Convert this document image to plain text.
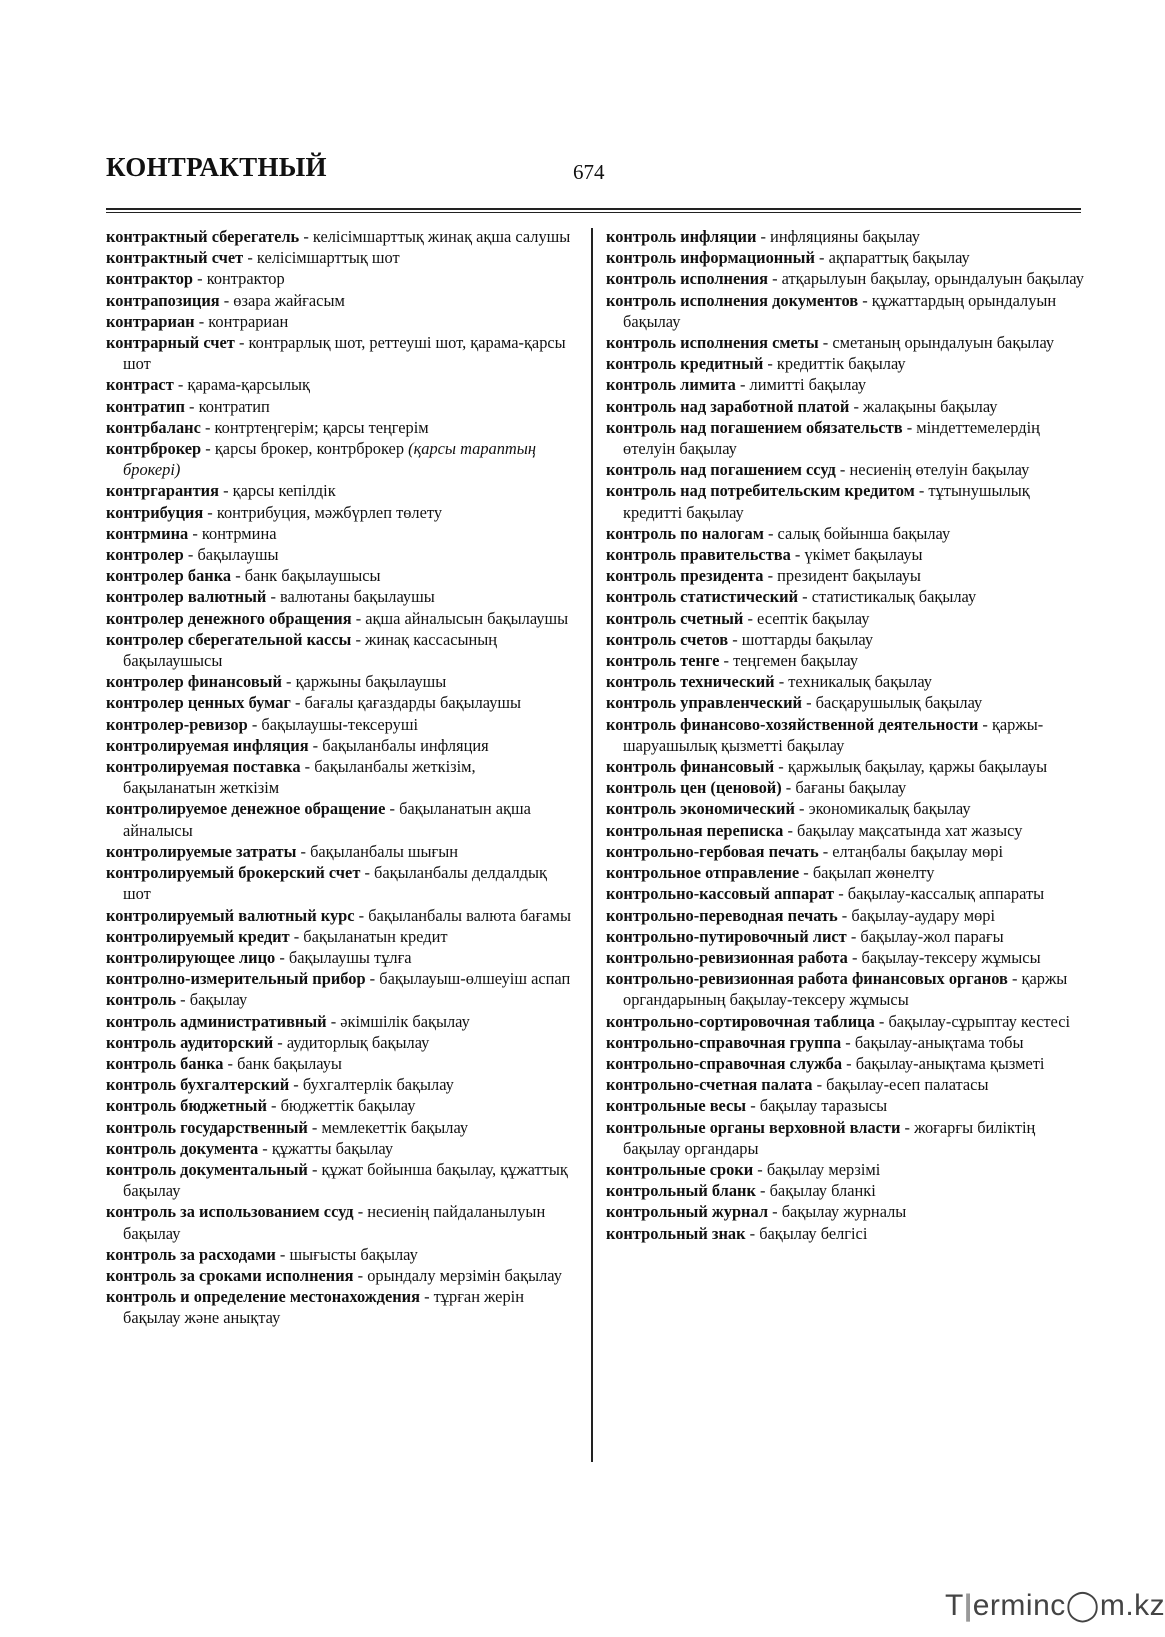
КОНТРАКТНЫЙ	674
контрактный сберегатель - келісімшарттық жинақ ақша салушы
контрактный счет - келісімшарттық шот
контрактор - контрактор
контрапозиция - өзара жайғасым
контрариан - контрариан
контрарный счет - контрарлық шот, реттеуші шот, қарама-қарсы шот
контраст - қарама-қарсылық
контратип - контратип
контрбаланс - контртеңгерім; қарсы теңгерім
контрброкер - қарсы брокер, контрброкер (қарсы тараптың брокері)
контргарантия - қарсы кепілдік
контрибуция - контрибуция, мәжбүрлеп төлету
контрмина - контрмина
контролер - бақылаушы
контролер банка - банк бақылаушысы
контролер валютный - валютаны бақылаушы
контролер денежного обращения - ақша айналысын бақылаушы
контролер сберегательной кассы - жинақ кассасының бақылаушысы
контролер финансовый - қаржыны бақылаушы
контролер ценных бумаг - бағалы қағаздарды бақылаушы
контролер-ревизор - бақылаушы-тексеруші
контролируемая инфляция - бақыланбалы инфляция
контролируемая поставка - бақыланбалы жеткізім, бақыланатын жеткізім
контролируемое денежное обращение - бақыланатын ақша айналысы
контролируемые затраты - бақыланбалы шығын
контролируемый брокерский счет - бақыланбалы делдалдық шот
контролируемый валютный курс - бақыланбалы валюта бағамы
контролируемый кредит - бақыланатын кредит
контролирующее лицо - бақылаушы тұлға
контролно-измерительный прибор - бақылауыш-өлшеуіш аспап
контроль - бақылау
контроль административный - әкімшілік бақылау
контроль аудиторский - аудиторлық бақылау
контроль банка - банк бақылауы
контроль бухгалтерский - бухгалтерлік бақылау
контроль бюджетный - бюджеттік бақылау
контроль государственный - мемлекеттік бақылау
контроль документа - құжатты бақылау
контроль документальный - құжат бойынша бақылау, құжаттық бақылау
контроль за использованием ссуд - несиенің пайдаланылуын бақылау
контроль за расходами - шығысты бақылау
контроль за сроками исполнения - орындалу мерзімін бақылау
контроль и определение местонахождения - тұрған жерін бақылау және анықтау
контроль инфляции - инфляцияны бақылау
контроль информационный - ақпараттық бақылау
контроль исполнения - атқарылуын бақылау, орындалуын бақылау
контроль исполнения документов - құжаттардың орындалуын бақылау
контроль исполнения сметы - сметаның орындалуын бақылау
контроль кредитный - кредиттік бақылау
контроль лимита - лимитті бақылау
контроль над заработной платой - жалақыны бақылау
контроль над погашением обязательств - міндеттемелердің өтелуін бақылау
контроль над погашением ссуд - несиенің өтелуін бақылау
контроль над потребительским кредитом - тұтынушылық кредитті бақылау
контроль по налогам - салық бойынша бақылау
контроль правительства - үкімет бақылауы
контроль президента - президент бақылауы
контроль статистический - статистикалық бақылау
контроль счетный - есептік бақылау
контроль счетов - шоттарды бақылау
контроль тенге - теңгемен бақылау
контроль технический - техникалық бақылау
контроль управленческий - басқарушылық бақылау
контроль финансово-хозяйственной деятельности - қаржы-шаруашылық қызметті бақылау
контроль финансовый - қаржылық бақылау, қаржы бақылауы
контроль цен (ценовой) - бағаны бақылау
контроль экономический - экономикалық бақылау
контрольная переписка - бақылау мақсатында хат жазысу
контрольно-гербовая печать - елтаңбалы бақылау мөрі
контрольное отправление - бақылап жөнелту
контрольно-кассовый аппарат - бақылау-кассалық аппараты
контрольно-переводная печать - бақылау-аудару мөрі
контрольно-путировочный лист - бақылау-жол парағы
контрольно-ревизионная работа - бақылау-тексеру жұмысы
контрольно-ревизионная работа финансовых органов - қаржы органдарының бақылау-тексеру жұмысы
контрольно-сортировочная таблица - бақылау-сұрыптау кестесі
контрольно-справочная группа - бақылау-анықтама тобы
контрольно-справочная служба - бақылау-анықтама қызметі
контрольно-счетная палата - бақылау-есеп палатасы
контрольные весы - бақылау таразысы
контрольные органы верховной власти - жоғарғы биліктің бақылау органдары
контрольные сроки - бақылау мерзімі
контрольный бланк - бақылау бланкі
контрольный журнал - бақылау журналы
контрольный знак - бақылау белгісі
T|erminc◯m.kz
